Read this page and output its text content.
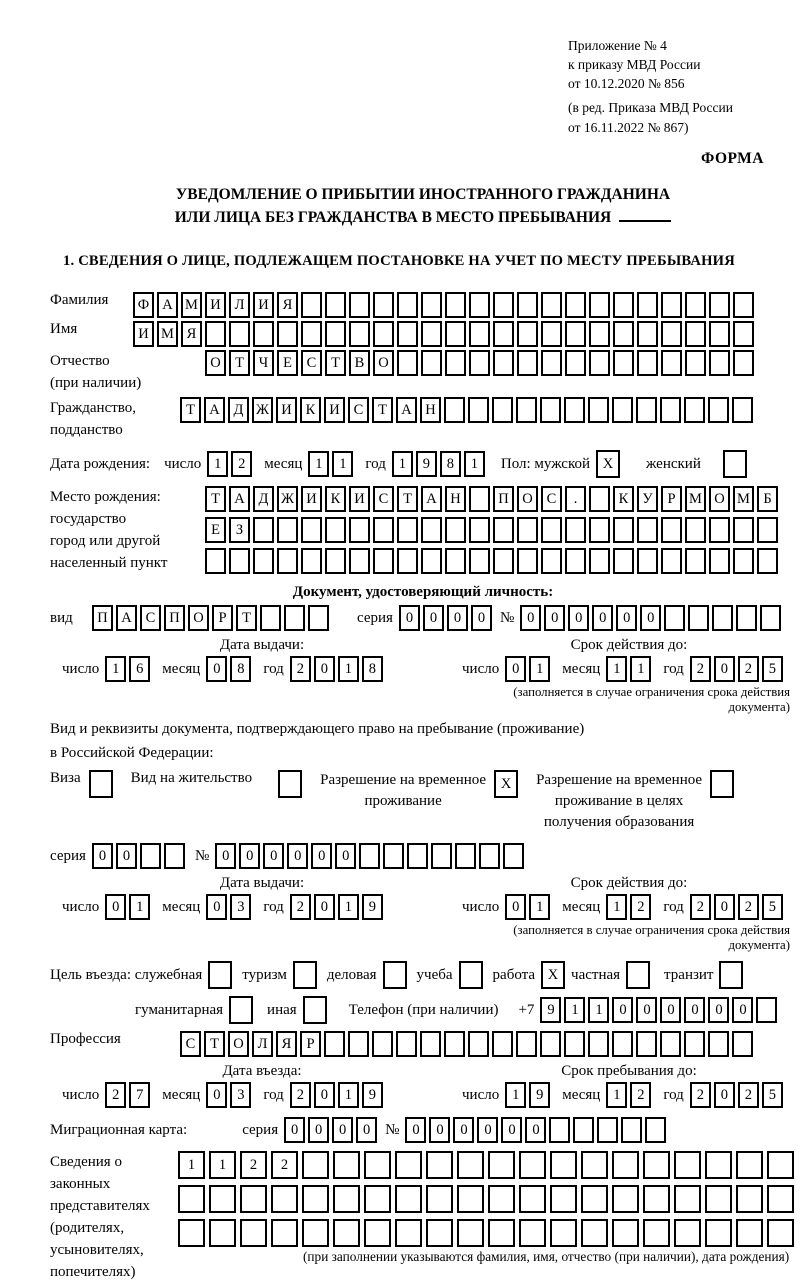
Приложение № 4
к приказу МВД России
от 10.12.2020 № 856
(в ред. Приказа МВД России
от 16.11.2022 № 867)
ФОРМА
УВЕДОМЛЕНИЕ О ПРИБЫТИИ ИНОСТРАННОГО ГРАЖДАНИНА
ИЛИ ЛИЦА БЕЗ ГРАЖДАНСТВА В МЕСТО ПРЕБЫВАНИЯ
1. СВЕДЕНИЯ О ЛИЦЕ, ПОДЛЕЖАЩЕМ ПОСТАНОВКЕ НА УЧЕТ ПО МЕСТУ ПРЕБЫВАНИЯ
Фамилия	Ф А М И Л И Я
Имя	И М Я
Отчество
(при наличии)
О Т	Ч	Е	С	Т	В О
Гражданство,
подданство
Т А Д Ж И К И С	Т А Н
Дата рождения: число 1	2	месяц 1	1	год 1	9	8	1	Пол: мужской X	женский
Место рождения:
государство
город или другой
населенный пункт
Т А Д Ж И К И С	Т А Н	П О С	.	К У	Р М О М Б
Е	З
Документ, удостоверяющий личность:
вид	П А С П О	Р	Т	серия 0	0	0	0 № 0	0	0	0	0	0
Дата выдачи:
число 1	6	месяц 0	8	год 2	0	1	8
Срок действия до:
число 0	1	месяц 1	1	год 2	0	2	5
(заполняется в случае ограничения срока действия документа)
Вид и реквизиты документа, подтверждающего право на пребывание (проживание)
в Российской Федерации:
Виза	Вид на жительство	Разрешение на временное
проживание
X	Разрешение на временное
проживание в целях
получения образования
серия 0	0	№ 0	0	0	0	0	0
Дата выдачи:
число 0	1	месяц 0	3	год 2	0	1	9
Срок действия до:
число 0	1	месяц 1	2	год 2	0	2	5
(заполняется в случае ограничения срока действия документа)
Цель въезда: служебная	туризм	деловая	учеба	работа X частная	транзит
гуманитарная	иная	Телефон (при наличии) +7 9	1	1	0	0	0	0	0	0
Профессия	С	Т О Л Я	Р
Дата въезда:
число 2	7	месяц 0	3	год 2	0	1	9
Срок пребывания до:
число 1	9	месяц 1	2	год 2	0	2	5
Миграционная карта:	серия 0	0	0	0 № 0	0	0	0	0	0
Сведения о
законных
представителях
(родителях,
усыновителях,
попечителях)
1	1	2	2
(при заполнении указываются фамилия, имя, отчество (при наличии), дата рождения)
